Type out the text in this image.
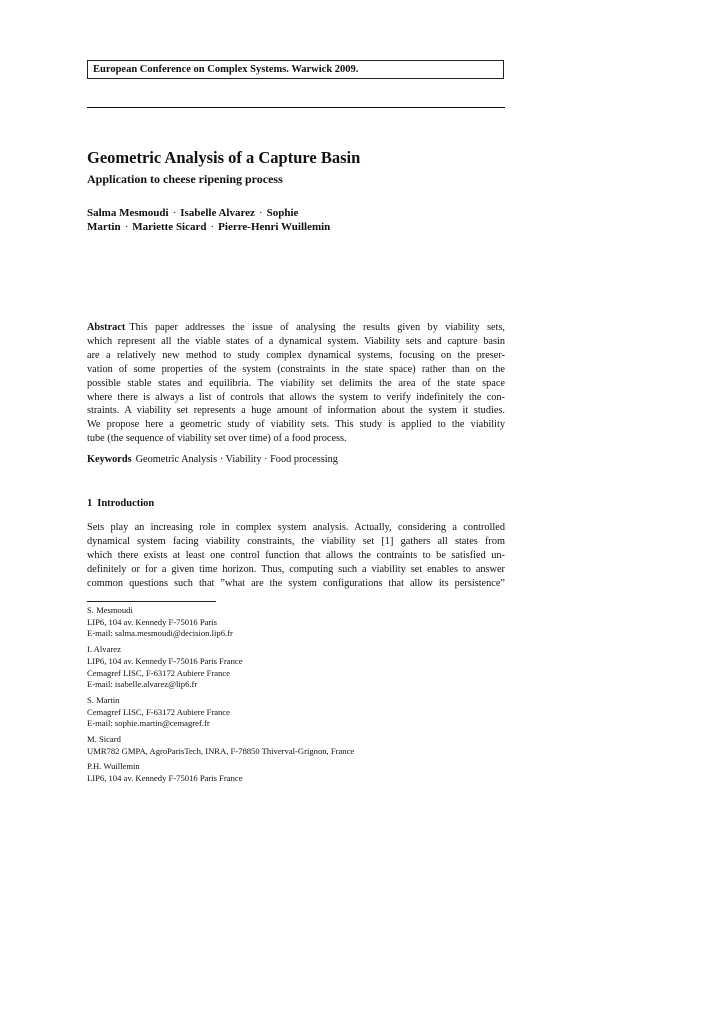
European Conference on Complex Systems. Warwick 2009.
Geometric Analysis of a Capture Basin
Application to cheese ripening process
Salma Mesmoudi · Isabelle Alvarez · Sophie
Martin · Mariette Sicard · Pierre-Henri Wuillemin
Abstract This paper addresses the issue of analysing the results given by viability sets,
which represent all the viable states of a dynamical system. Viability sets and capture basin
are a relatively new method to study complex dynamical systems, focusing on the preser-
vation of some properties of the system (constraints in the state space) rather than on the
possible stable states and equilibria. The viability set delimits the area of the state space
where there is always a list of controls that allows the system to verify indefinitely the con-
straints. A viability set represents a huge amount of information about the system it studies.
We propose here a geometric study of viability sets. This study is applied to the viability
tube (the sequence of viability set over time) of a food process.
Keywords Geometric Analysis · Viability · Food processing
1 Introduction
Sets play an increasing role in complex system analysis. Actually, considering a controlled
dynamical system facing viability constraints, the viability set [1] gathers all states from
which there exists at least one control function that allows the contraints to be satisfied un-
definitely or for a given time horizon. Thus, computing such a viability set enables to answer
common questions such that ”what are the system configurations that allow its persistence”
S. Mesmoudi
LIP6, 104 av. Kennedy F-75016 Paris
E-mail: salma.mesmoudi@decision.lip6.fr
I. Alvarez
LIP6, 104 av. Kennedy F-75016 Paris France
Cemagref LISC, F-63172 Aubiere France
E-mail: isabelle.alvarez@lip6.fr
S. Martin
Cemagref LISC, F-63172 Aubiere France
E-mail: sophie.martin@cemagref.fr
M. Sicard
UMR782 GMPA, AgroParisTech, INRA, F-78850 Thiverval-Grignon, France
P.H. Wuillemin
LIP6, 104 av. Kennedy F-75016 Paris France
